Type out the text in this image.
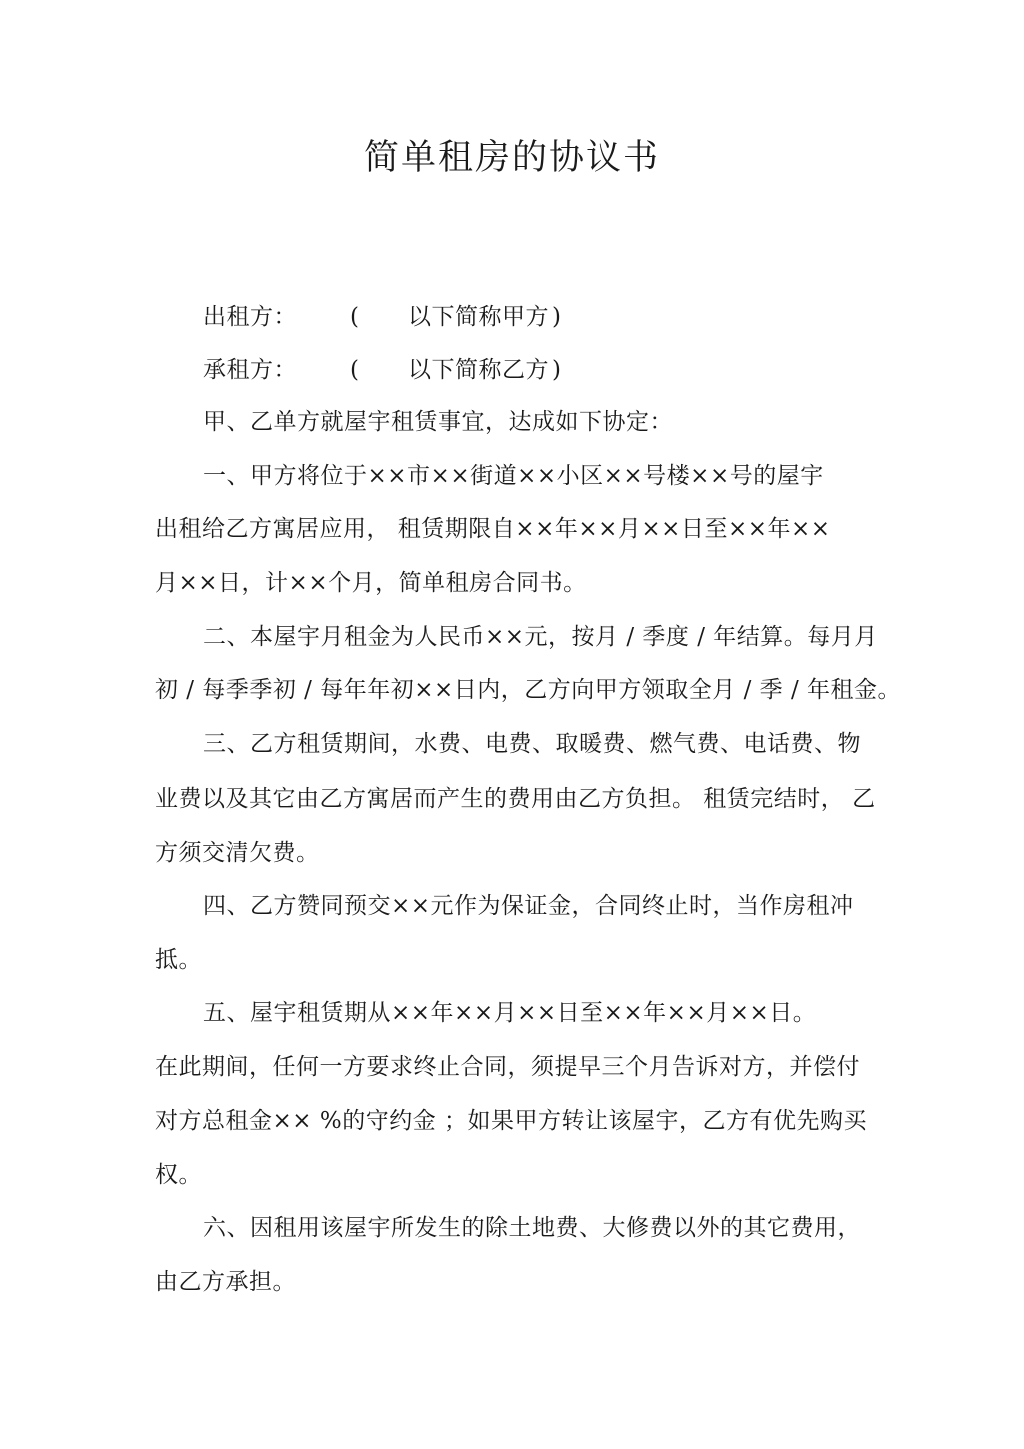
简单租房的协议书
出租方： ( 以下简称甲方 )
承租方： ( 以下简称乙方 )
甲、乙单方就屋宇租赁事宜，达成如下协定：
一、甲方将位于××市××街道××小区××号楼××号的屋宇
出租给乙方寓居应用， 租赁期限自××年××月××日至××年××
月××日，计××个月，简单租房合同书。
二、本屋宇月租金为人民币××元，按月 / 季度 / 年结算。每月月
初 / 每季季初 / 每年年初××日内，乙方向甲方领取全月 / 季 / 年租金。
三、乙方租赁期间，水费、电费、取暖费、燃气费、电话费、物
业费以及其它由乙方寓居而产生的费用由乙方负担。 租赁完结时， 乙
方须交清欠费。
四、乙方赞同预交××元作为保证金，合同终止时，当作房租冲
抵。
五、屋宇租赁期从××年××月××日至××年××月××日。
在此期间，任何一方要求终止合同，须提早三个月告诉对方，并偿付
对方总租金×× %的守约金 ；如果甲方转让该屋宇，乙方有优先购买
权。
六、因租用该屋宇所发生的除土地费、大修费以外的其它费用，
由乙方承担。
